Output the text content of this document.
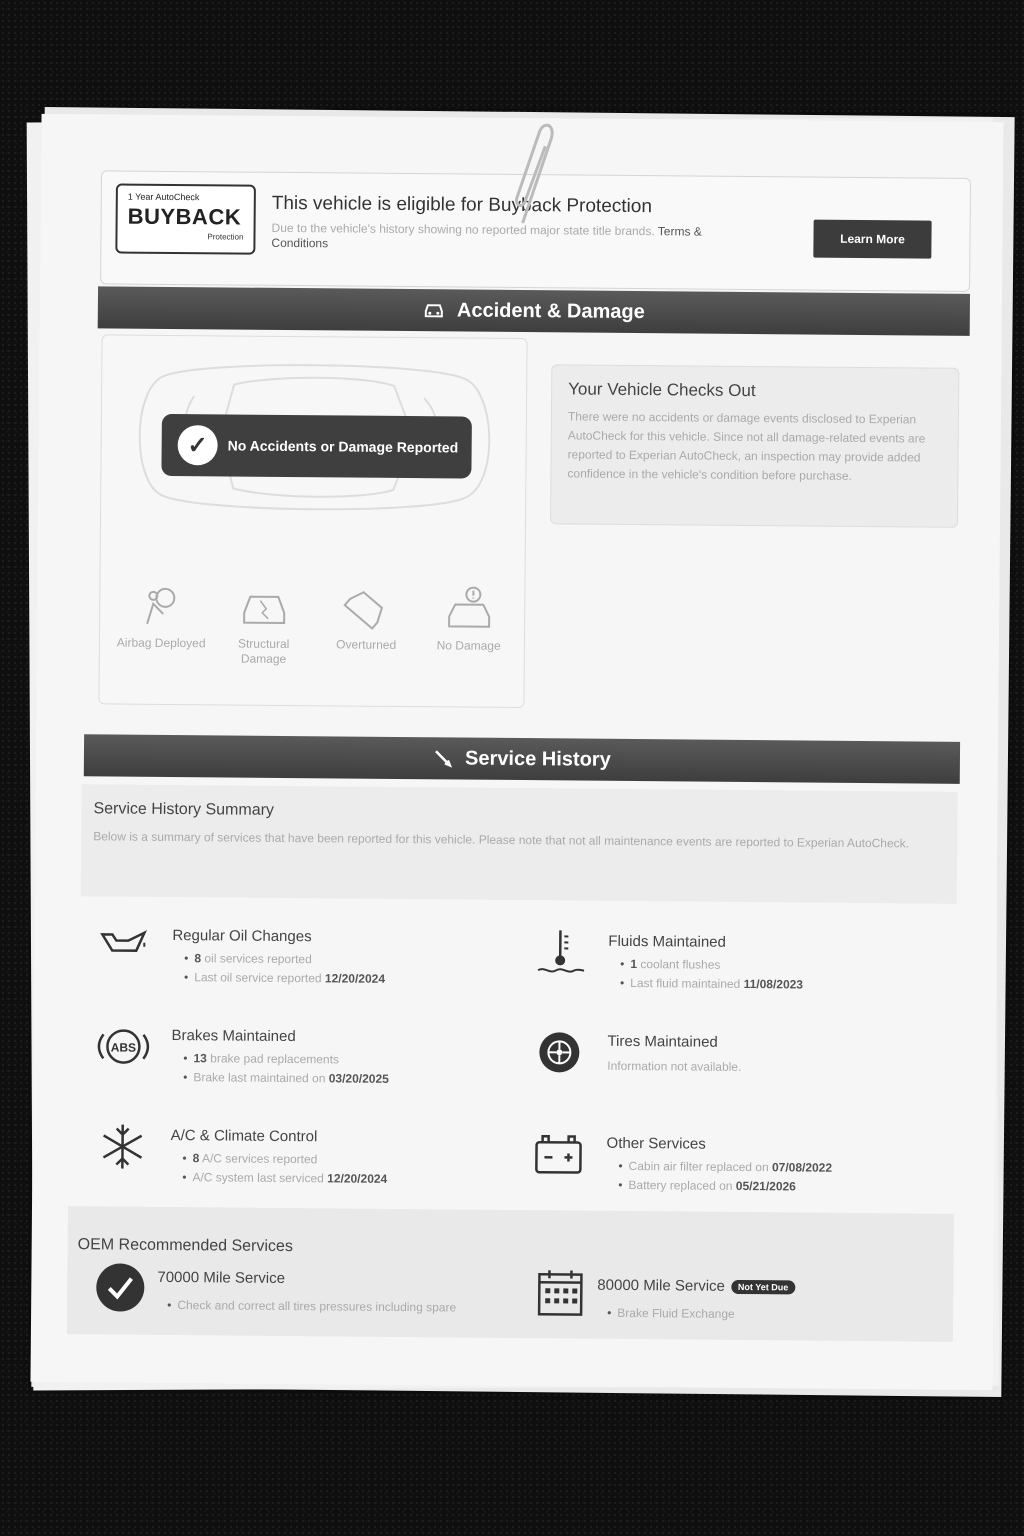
1 Year AutoCheck
BUYBACK
Protection
This vehicle is eligible for Buyback Protection
Due to the vehicle's history showing no reported major state title brands. Terms & Conditions	Learn More
Accident & Damage
✓	No Accidents or Damage Reported
Airbag Deployed	Structural Damage
Overturned	No Damage
Your Vehicle Checks Out
There were no accidents or damage events disclosed to Experian AutoCheck for this vehicle. Since not all damage-related events are reported to Experian AutoCheck, an inspection may provide added confidence in the vehicle's condition before purchase.
Service History
Service History Summary
Below is a summary of services that have been reported for this vehicle. Please note that not all maintenance events are reported to Experian AutoCheck.
Regular Oil Changes
• 8 oil services reported
• Last oil service reported 12/20/2024
Fluids Maintained
• 1 coolant flushes
• Last fluid maintained 11/08/2023
ABS
Brakes Maintained
• 13 brake pad replacements
• Brake last maintained on 03/20/2025
Tires Maintained
Information not available.
A/C & Climate Control
• 8 A/C services reported
• A/C system last serviced 12/20/2024
Other Services
• Cabin air filter replaced on 07/08/2022
• Battery replaced on 05/21/2026
OEM Recommended Services
70000 Mile Service
• Check and correct all tires pressures including spare
80000 Mile Service Not Yet Due
• Brake Fluid Exchange
